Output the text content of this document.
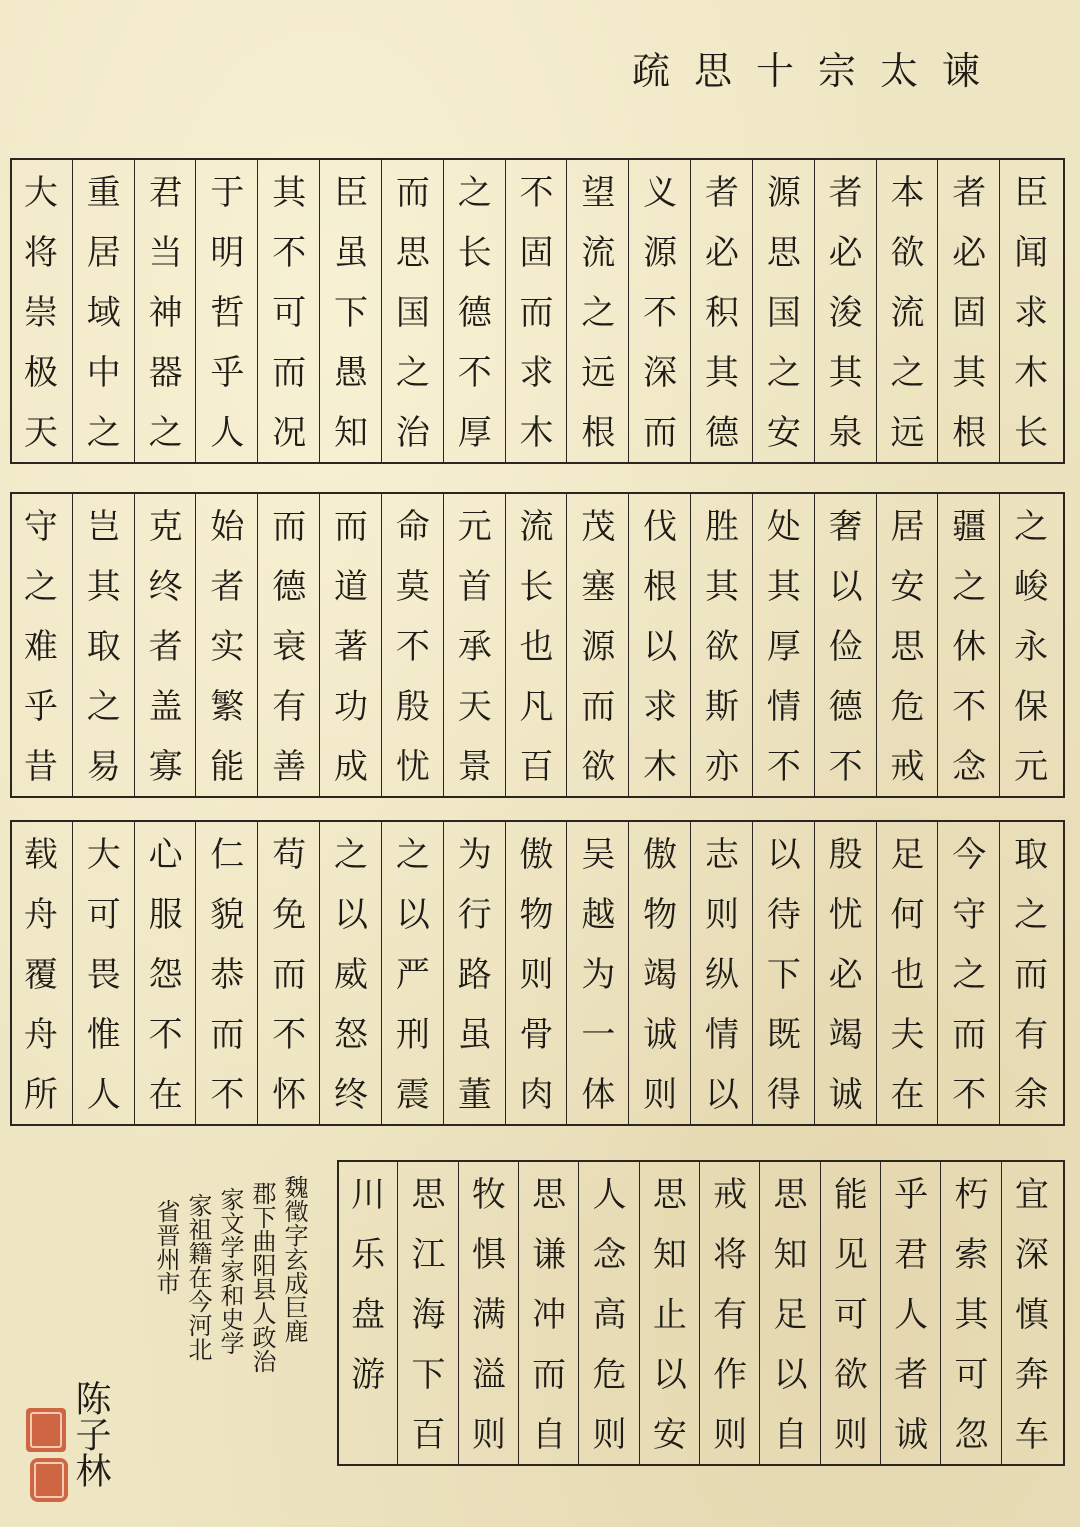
谏
太
宗
十
思
疏
臣
闻
求
木
长
者
必
固
其
根
本
欲
流
之
远
者
必
浚
其
泉
源
思
国
之
安
者
必
积
其
德
义
源
不
深
而
望
流
之
远
根
不
固
而
求
木
之
长
德
不
厚
而
思
国
之
治
臣
虽
下
愚
知
其
不
可
而
况
于
明
哲
乎
人
君
当
神
器
之
重
居
域
中
之
大
将
崇
极
天
之
峻
永
保
元
疆
之
休
不
念
居
安
思
危
戒
奢
以
俭
德
不
处
其
厚
情
不
胜
其
欲
斯
亦
伐
根
以
求
木
茂
塞
源
而
欲
流
长
也
凡
百
元
首
承
天
景
命
莫
不
殷
忧
而
道
著
功
成
而
德
衰
有
善
始
者
实
繁
能
克
终
者
盖
寡
岂
其
取
之
易
守
之
难
乎
昔
取
之
而
有
余
今
守
之
而
不
足
何
也
夫
在
殷
忧
必
竭
诚
以
待
下
既
得
志
则
纵
情
以
傲
物
竭
诚
则
吴
越
为
一
体
傲
物
则
骨
肉
为
行
路
虽
董
之
以
严
刑
震
之
以
威
怒
终
苟
免
而
不
怀
仁
貌
恭
而
不
心
服
怨
不
在
大
可
畏
惟
人
载
舟
覆
舟
所
宜
深
慎
奔
车
朽
索
其
可
忽
乎
君
人
者
诚
能
见
可
欲
则
思
知
足
以
自
戒
将
有
作
则
思
知
止
以
安
人
念
高
危
则
思
谦
冲
而
自
牧
惧
满
溢
则
思
江
海
下
百
川
乐
盘
游
魏徵字玄成巨鹿
郡下曲阳县人政治
家文学家和史学
家祖籍在今河北
省晋州市
陈子林
